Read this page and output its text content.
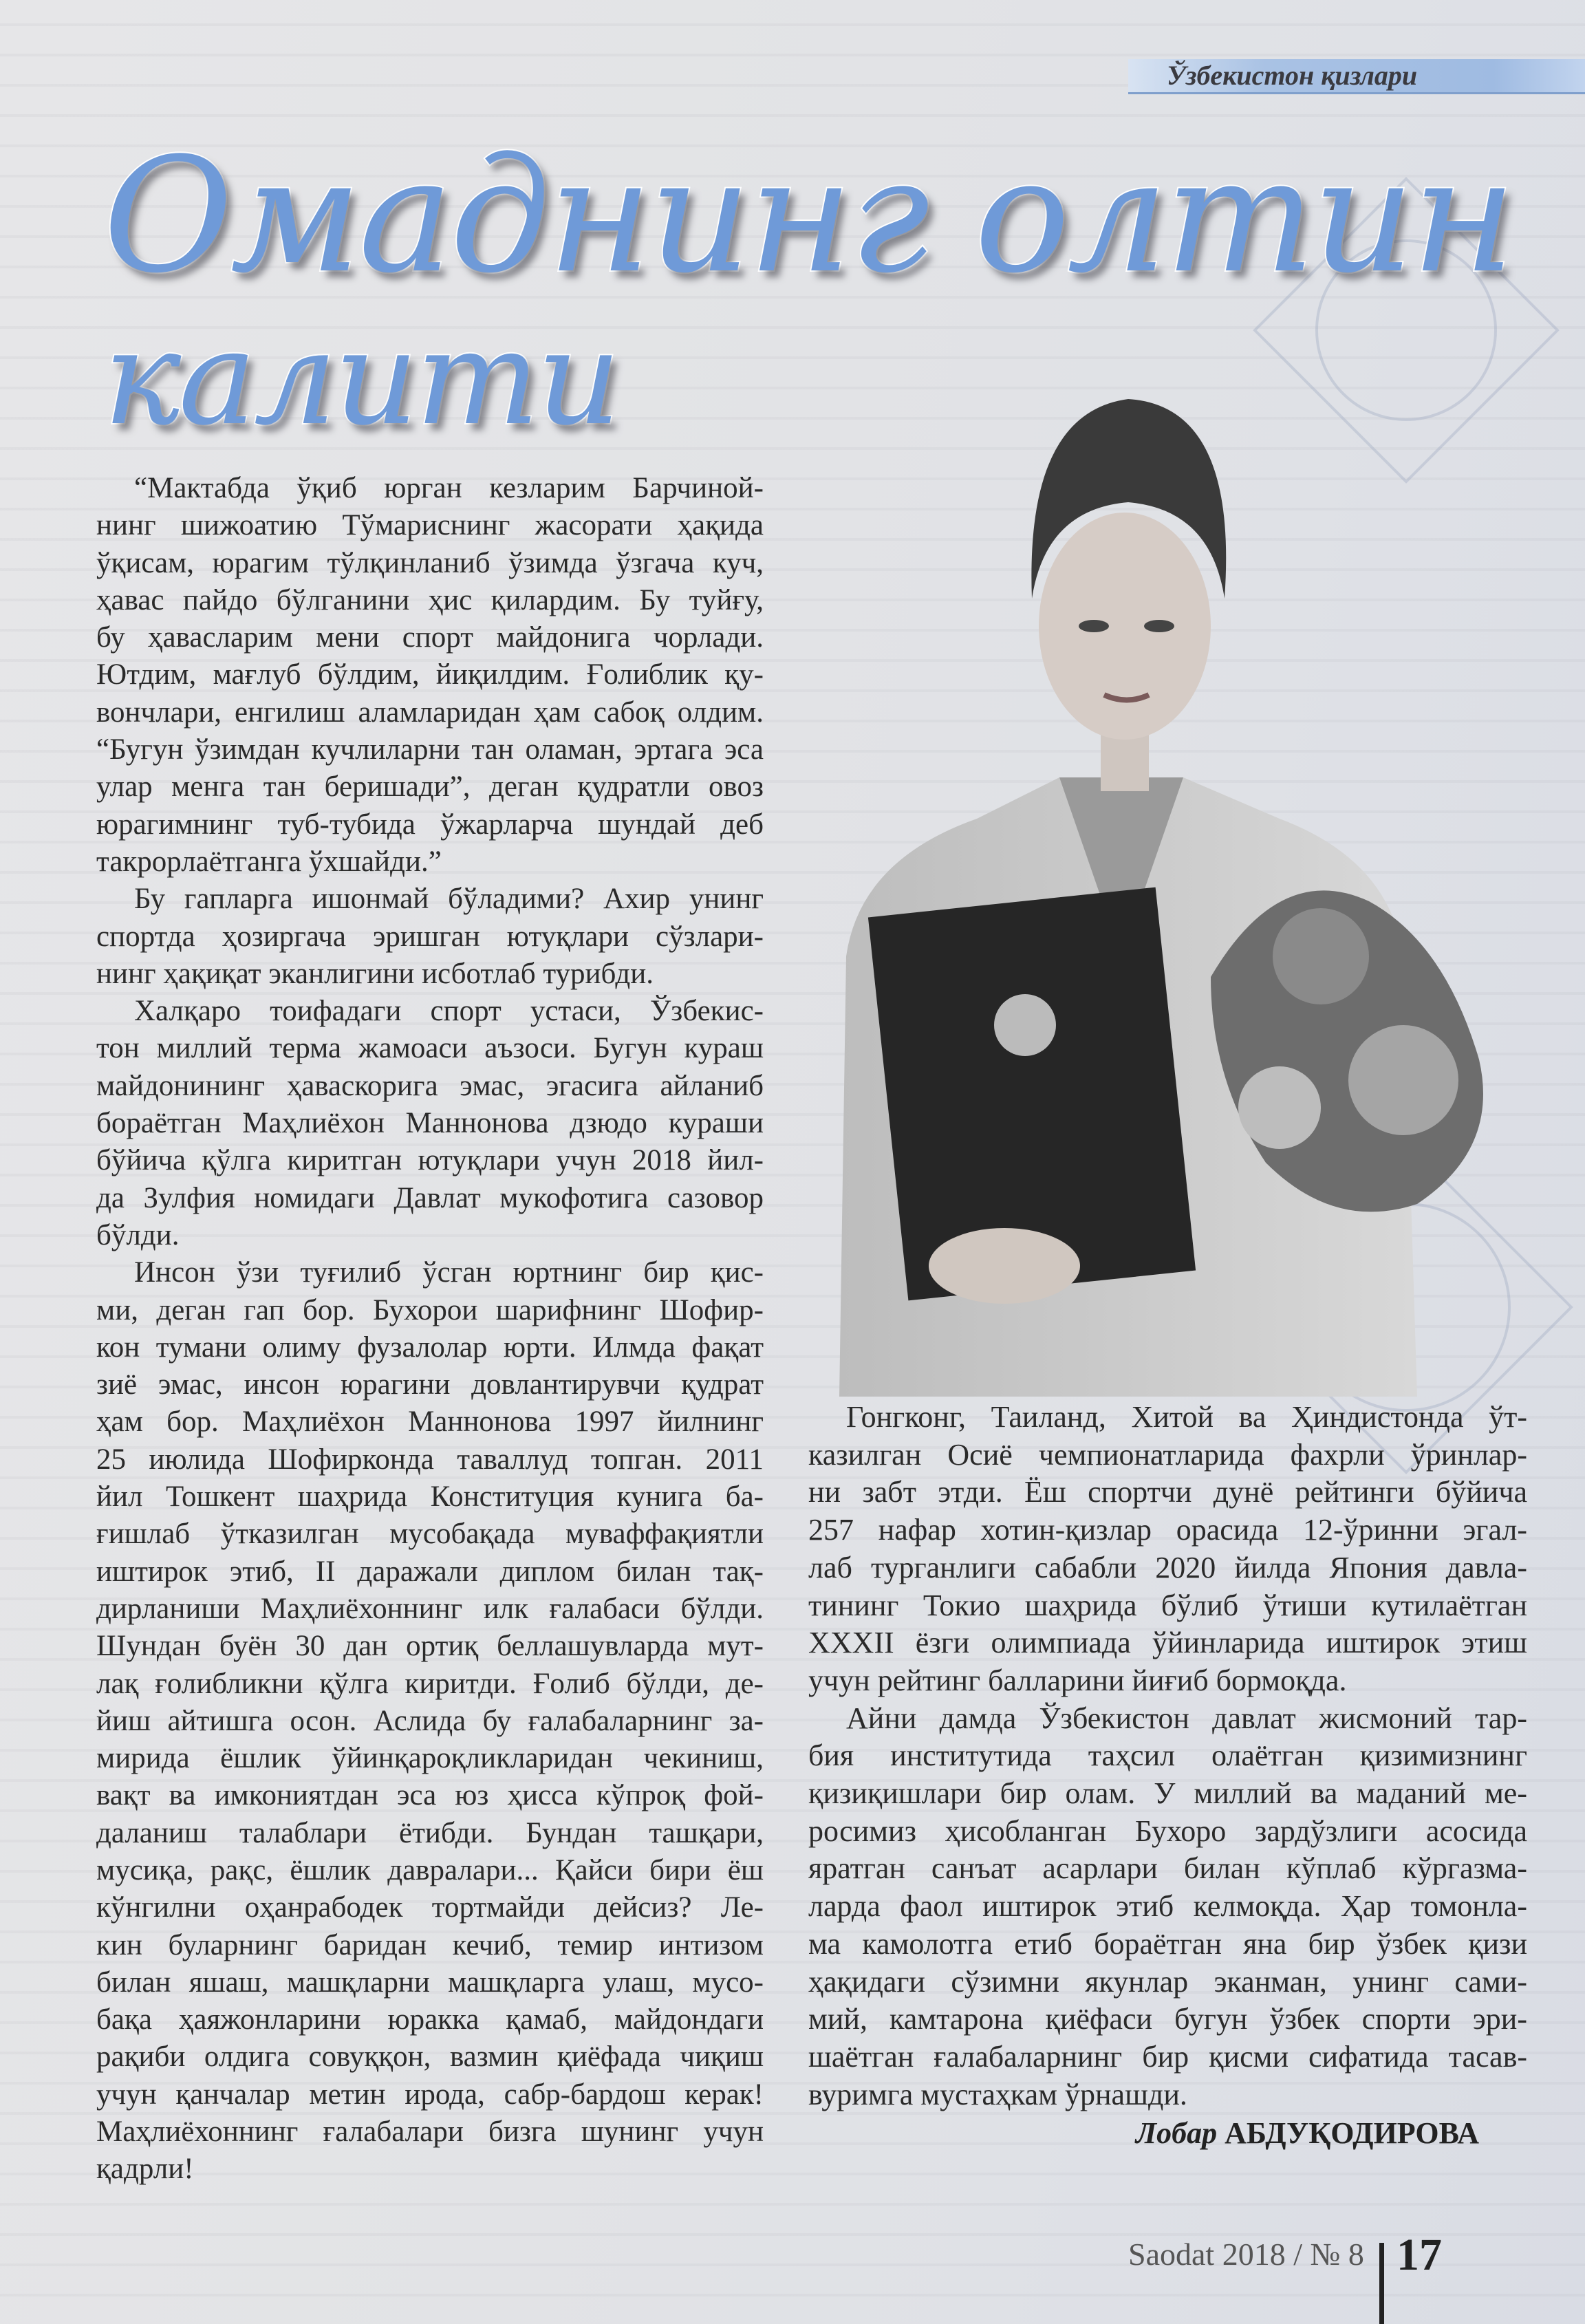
Ўзбекистон қизлари
Омаднинг олтин
калити
“Мактабда ўқиб юрган кезларим Барчиной-
нинг шижоатию Тўмариснинг жасорати ҳақида
ўқисам, юрагим тўлқинланиб ўзимда ўзгача куч,
ҳавас пайдо бўлганини ҳис қилардим. Бу туйғу,
бу ҳавасларим мени спорт майдонига чорлади.
Ютдим, мағлуб бўлдим, йиқилдим. Ғолиблик қу-
вончлари, енгилиш аламларидан ҳам сабоқ олдим.
“Бугун ўзимдан кучлиларни тан оламан, эртага эса
улар менга тан беришади”, деган қудратли овоз
юрагимнинг туб-тубида ўжарларча шундай деб
такрорлаётганга ўхшайди.”
Бу гапларга ишонмай бўладими? Ахир унинг
спортда ҳозиргача эришган ютуқлари сўзлари-
нинг ҳақиқат эканлигини исботлаб турибди.
Халқаро тоифадаги спорт устаси, Ўзбекис-
тон миллий терма жамоаси аъзоси. Бугун кураш
майдонининг ҳаваскорига эмас, эгасига айланиб
бораётган Маҳлиёхон Маннонова дзюдо кураши
бўйича қўлга киритган ютуқлари учун 2018 йил-
да Зулфия номидаги Давлат мукофотига сазовор
бўлди.
Инсон ўзи туғилиб ўсган юртнинг бир қис-
ми, деган гап бор. Бухорои шарифнинг Шофир-
кон тумани олиму фузалолар юрти. Илмда фақат
зиё эмас, инсон юрагини довлантирувчи қудрат
ҳам бор. Маҳлиёхон Маннонова 1997 йилнинг
25 июлида Шофирконда таваллуд топган. 2011
йил Тошкент шаҳрида Конституция кунига ба-
ғишлаб ўтказилган мусобақада муваффақиятли
иштирок этиб, II даражали диплом билан тақ-
дирланиши Маҳлиёхоннинг илк ғалабаси бўлди.
Шундан буён 30 дан ортиқ беллашувларда мут-
лақ ғолибликни қўлга киритди. Ғолиб бўлди, де-
йиш айтишга осон. Аслида бу ғалабаларнинг за-
мирида ёшлик ўйинқароқликларидан чекиниш,
вақт ва имкониятдан эса юз ҳисса кўпроқ фой-
даланиш талаблари ётибди. Бундан ташқари,
мусиқа, рақс, ёшлик давралари... Қайси бири ёш
кўнгилни оҳанрабодек тортмайди дейсиз? Ле-
кин буларнинг баридан кечиб, темир интизом
билан яшаш, машқларни машқларга улаш, мусо-
бақа ҳаяжонларини юракка қамаб, майдондаги
рақиби олдига совуққон, вазмин қиёфада чиқиш
учун қанчалар метин ирода, сабр-бардош керак!
Маҳлиёхоннинг ғалабалари бизга шунинг учун
қадрли!
Гонгконг, Таиланд, Хитой ва Ҳиндистонда ўт-
казилган Осиё чемпионатларида фахрли ўринлар-
ни забт этди. Ёш спортчи дунё рейтинги бўйича
257 нафар хотин-қизлар орасида 12-ўринни эгал-
лаб турганлиги сабабли 2020 йилда Япония давла-
тининг Токио шаҳрида бўлиб ўтиши кутилаётган
XXXII ёзги олимпиада ўйинларида иштирок этиш
учун рейтинг балларини йиғиб бормоқда.
Айни дамда Ўзбекистон давлат жисмоний тар-
бия институтида таҳсил олаётган қизимизнинг
қизиқишлари бир олам. У миллий ва маданий ме-
росимиз ҳисобланган Бухоро зардўзлиги асосида
яратган санъат асарлари билан кўплаб кўргазма-
ларда фаол иштирок этиб келмоқда. Ҳар томонла-
ма камолотга етиб бораётган яна бир ўзбек қизи
ҳақидаги сўзимни якунлар эканман, унинг сами-
мий, камтарона қиёфаси бугун ўзбек спорти эри-
шаётган ғалабаларнинг бир қисми сифатида тасав-
вуримга мустаҳкам ўрнашди.
Лобар АБДУҚОДИРОВА
Saodat 2018 / № 8 17
